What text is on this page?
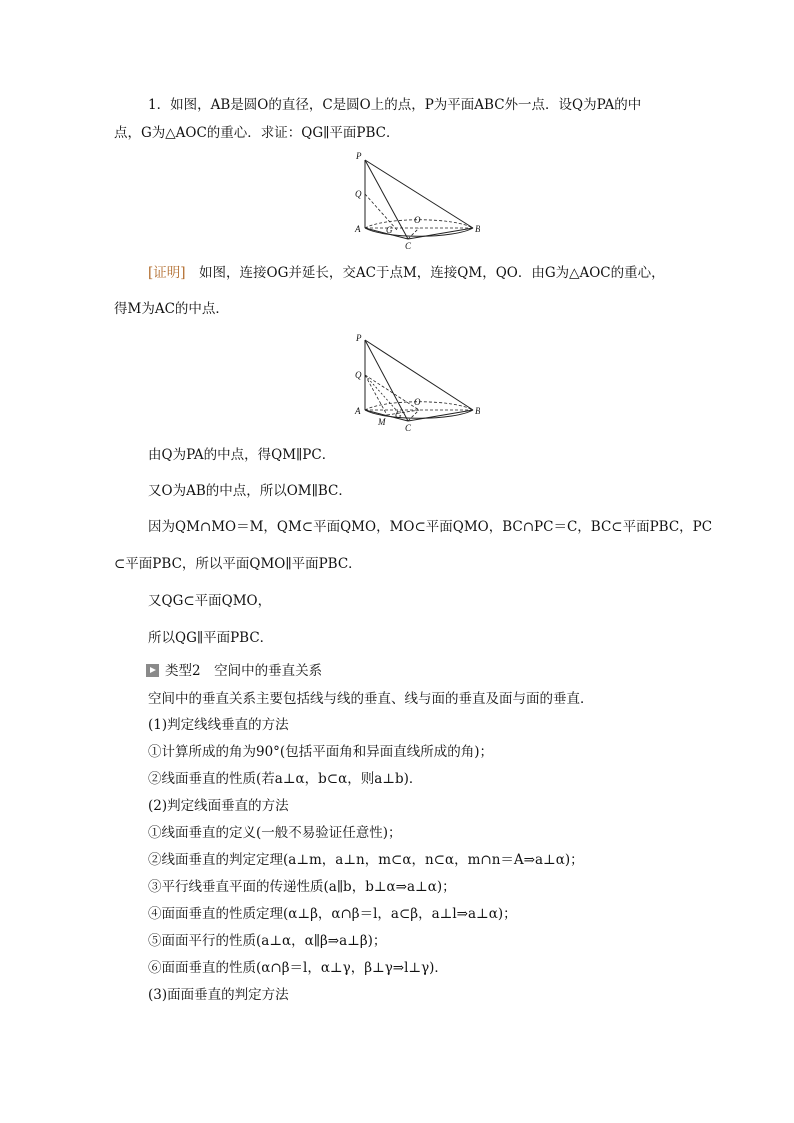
1．如图，AB是圆O的直径，C是圆O上的点，P为平面ABC外一点．设Q为PA的中
点，G为△AOC的重心．求证：QG∥平面PBC．
P
Q
A	G
O
C
B
[证明]　如图，连接OG并延长，交AC于点M，连接QM，QO．由G为△AOC的重心，
得M为AC的中点．
P
Q
A
M
G
O
C
B
由Q为PA的中点，得QM∥PC．
又O为AB的中点，所以OM∥BC．
因为QM∩MO＝M，QM⊂平面QMO，MO⊂平面QMO，BC∩PC＝C，BC⊂平面PBC，PC
⊂平面PBC，所以平面QMO∥平面PBC．
又QG⊂平面QMO，
所以QG∥平面PBC．
类型2　空间中的垂直关系
空间中的垂直关系主要包括线与线的垂直、线与面的垂直及面与面的垂直．
(1)判定线线垂直的方法
①计算所成的角为90°(包括平面角和异面直线所成的角)；
②线面垂直的性质(若a⊥α，b⊂α，则a⊥b)．
(2)判定线面垂直的方法
①线面垂直的定义(一般不易验证任意性)；
②线面垂直的判定定理(a⊥m，a⊥n，m⊂α，n⊂α，m∩n＝A⇒a⊥α)；
③平行线垂直平面的传递性质(a∥b，b⊥α⇒a⊥α)；
④面面垂直的性质定理(α⊥β，α∩β＝l，a⊂β，a⊥l⇒a⊥α)；
⑤面面平行的性质(a⊥α，α∥β⇒a⊥β)；
⑥面面垂直的性质(α∩β＝l，α⊥γ，β⊥γ⇒l⊥γ)．
(3)面面垂直的判定方法
